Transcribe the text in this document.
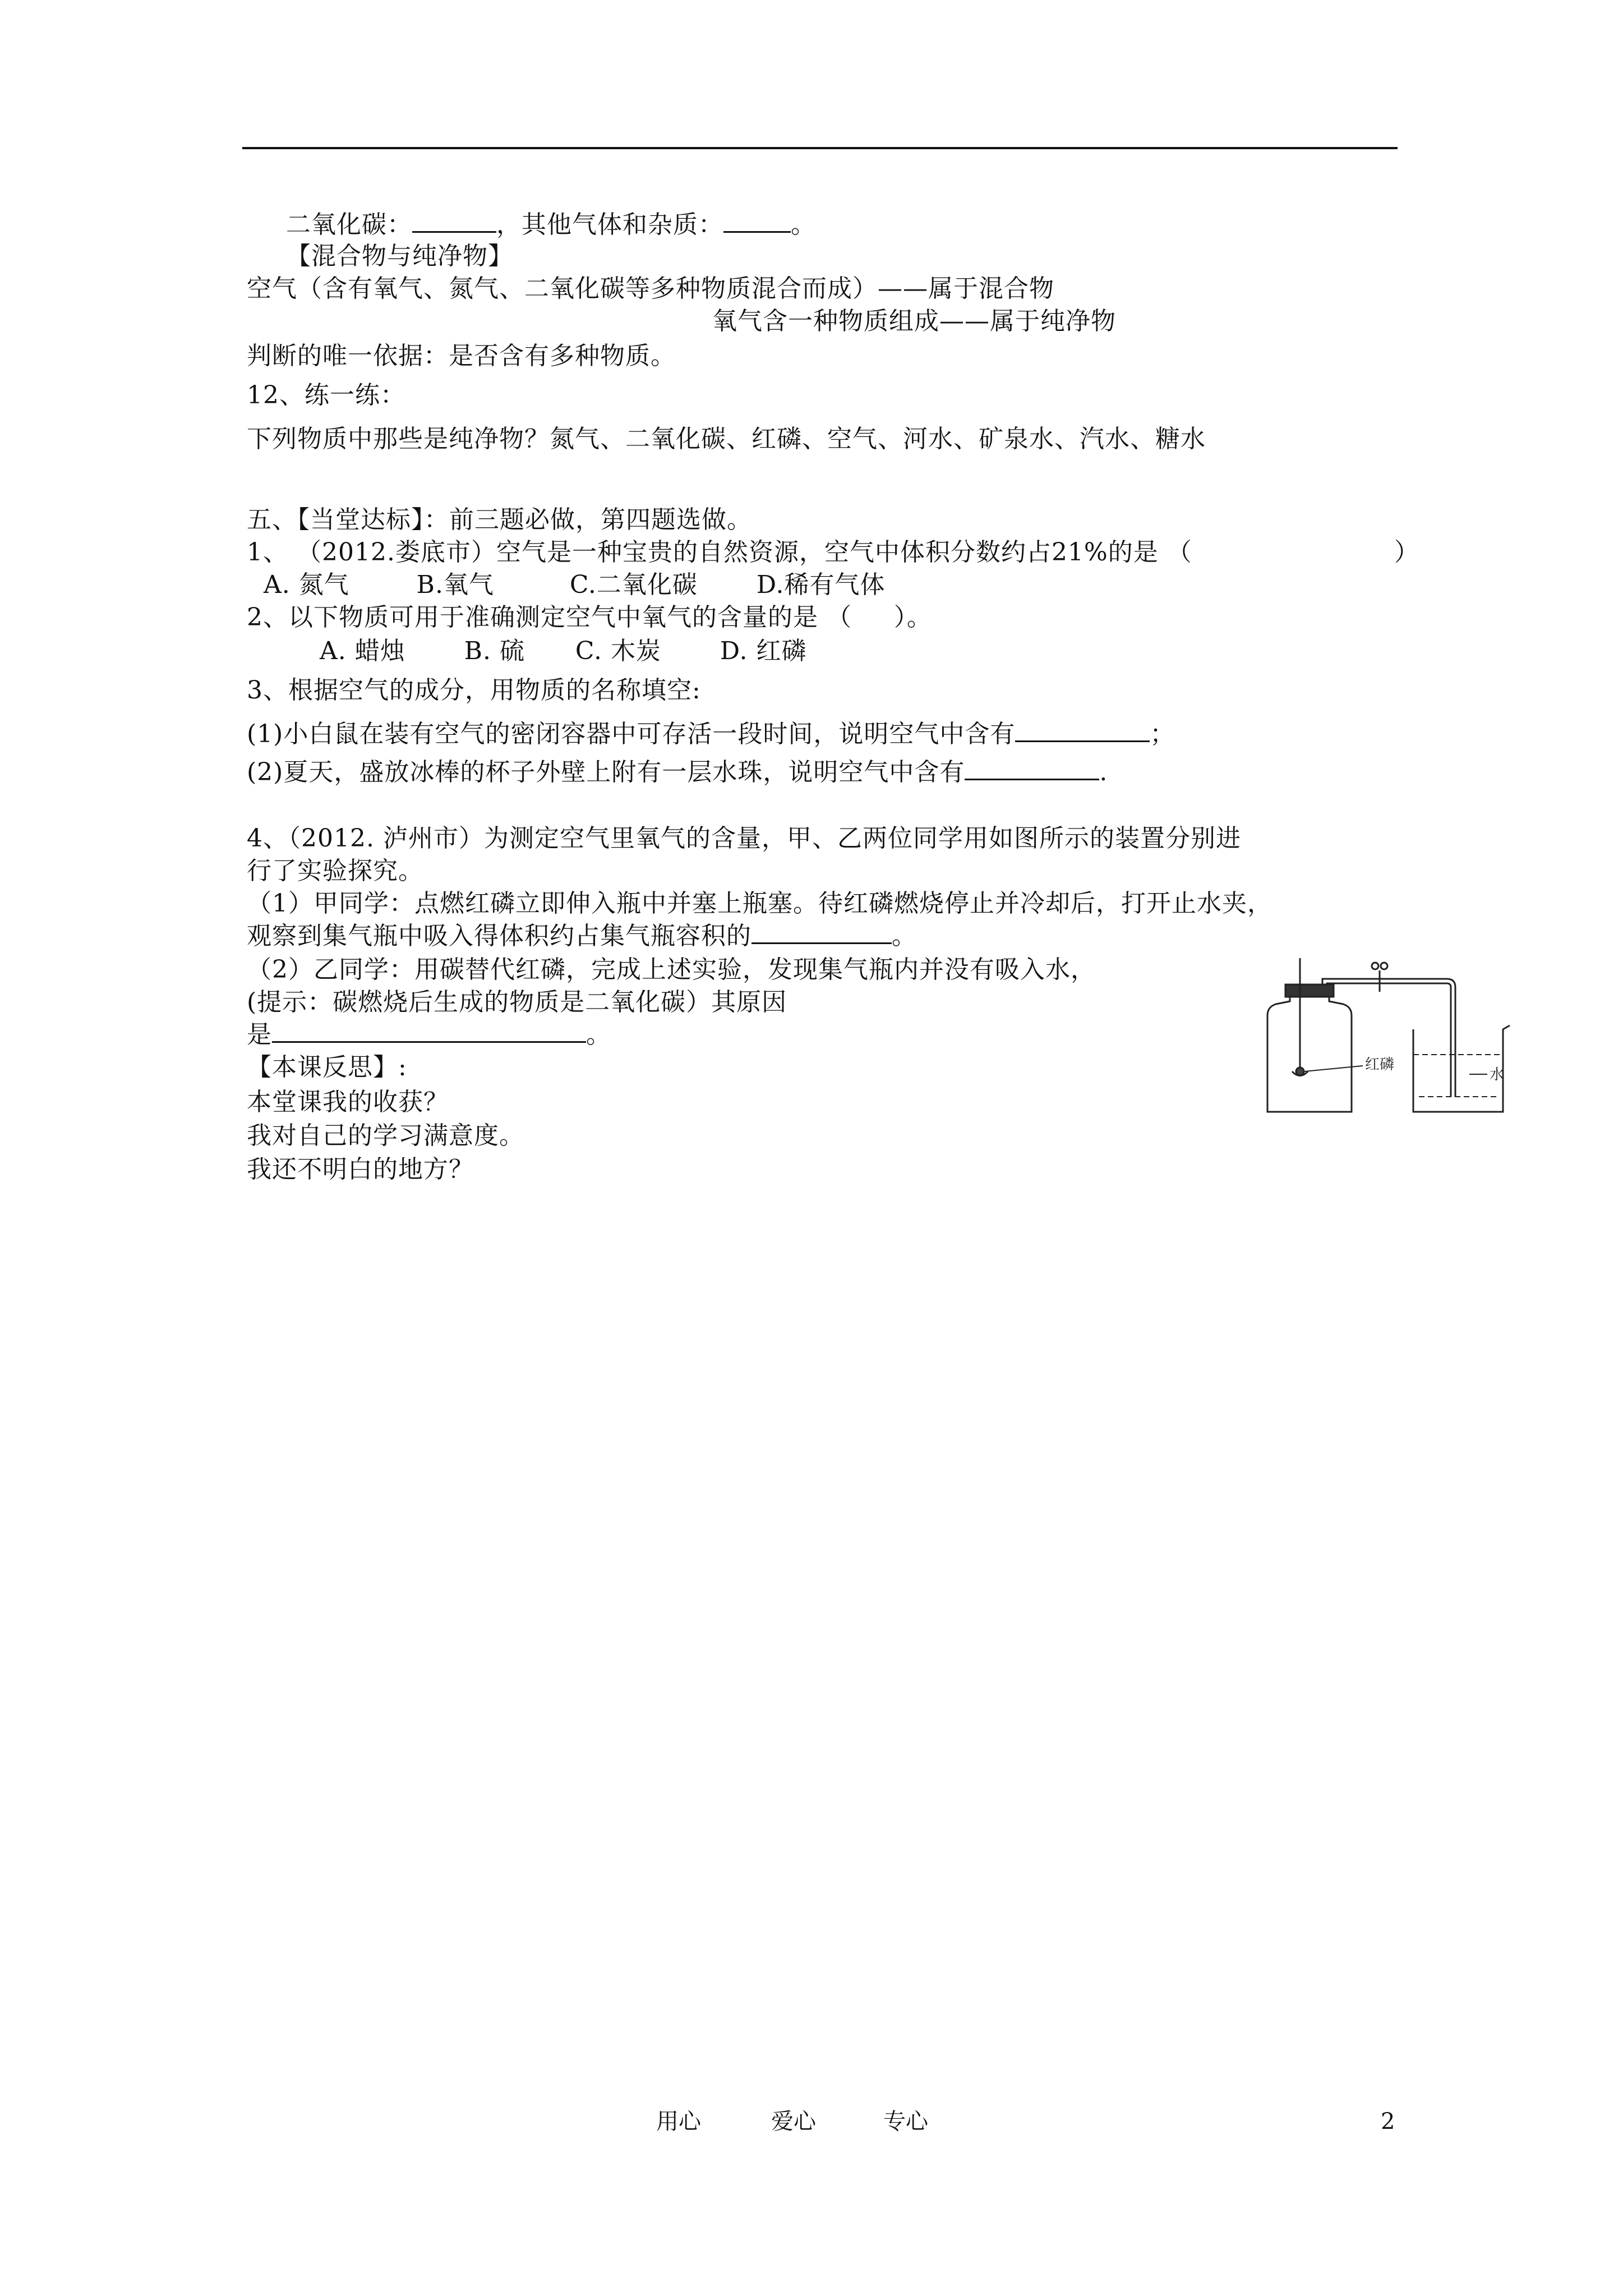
二氧化碳：	，其他气体和杂质：	。
【混合物与纯净物】
空气（含有氧气、氮气、二氧化碳等多种物质混合而成）——属于混合物
氧气含一种物质组成——属于纯净物
判断的唯一依据：是否含有多种物质。
12、练一练：
下列物质中那些是纯净物？氮气、二氧化碳、红磷、空气、河水、矿泉水、汽水、糖水
五、【当堂达标】：前三题必做，第四题选做。
1、 （2012.娄底市）空气是一种宝贵的自然资源，空气中体积分数约占21%的是 （	）
A. 氮气        B.氧气         C.二氧化碳       D.稀有气体
2、以下物质可用于准确测定空气中氧气的含量的是 （     ）。
A. 蜡烛       B. 硫      C. 木炭       D. 红磷
3、根据空气的成分，用物质的名称填空:
(1)小白鼠在装有空气的密闭容器中可存活一段时间，说明空气中含有	；
(2)夏天，盛放冰棒的杯子外壁上附有一层水珠，说明空气中含有	.
4、（2012. 泸州市）为测定空气里氧气的含量，甲、乙两位同学用如图所示的装置分别进
行了实验探究。
（1）甲同学：点燃红磷立即伸入瓶中并塞上瓶塞。待红磷燃烧停止并冷却后，打开止水夹，
观察到集气瓶中吸入得体积约占集气瓶容积的	。
（2）乙同学：用碳替代红磷，完成上述实验，发现集气瓶内并没有吸入水，
(提示：碳燃烧后生成的物质是二氧化碳）其原因
是	。
【本课反思】:
本堂课我的收获？
我对自己的学习满意度。
我还不明白的地方？
红磷
水
用心	爱心	专心	2
